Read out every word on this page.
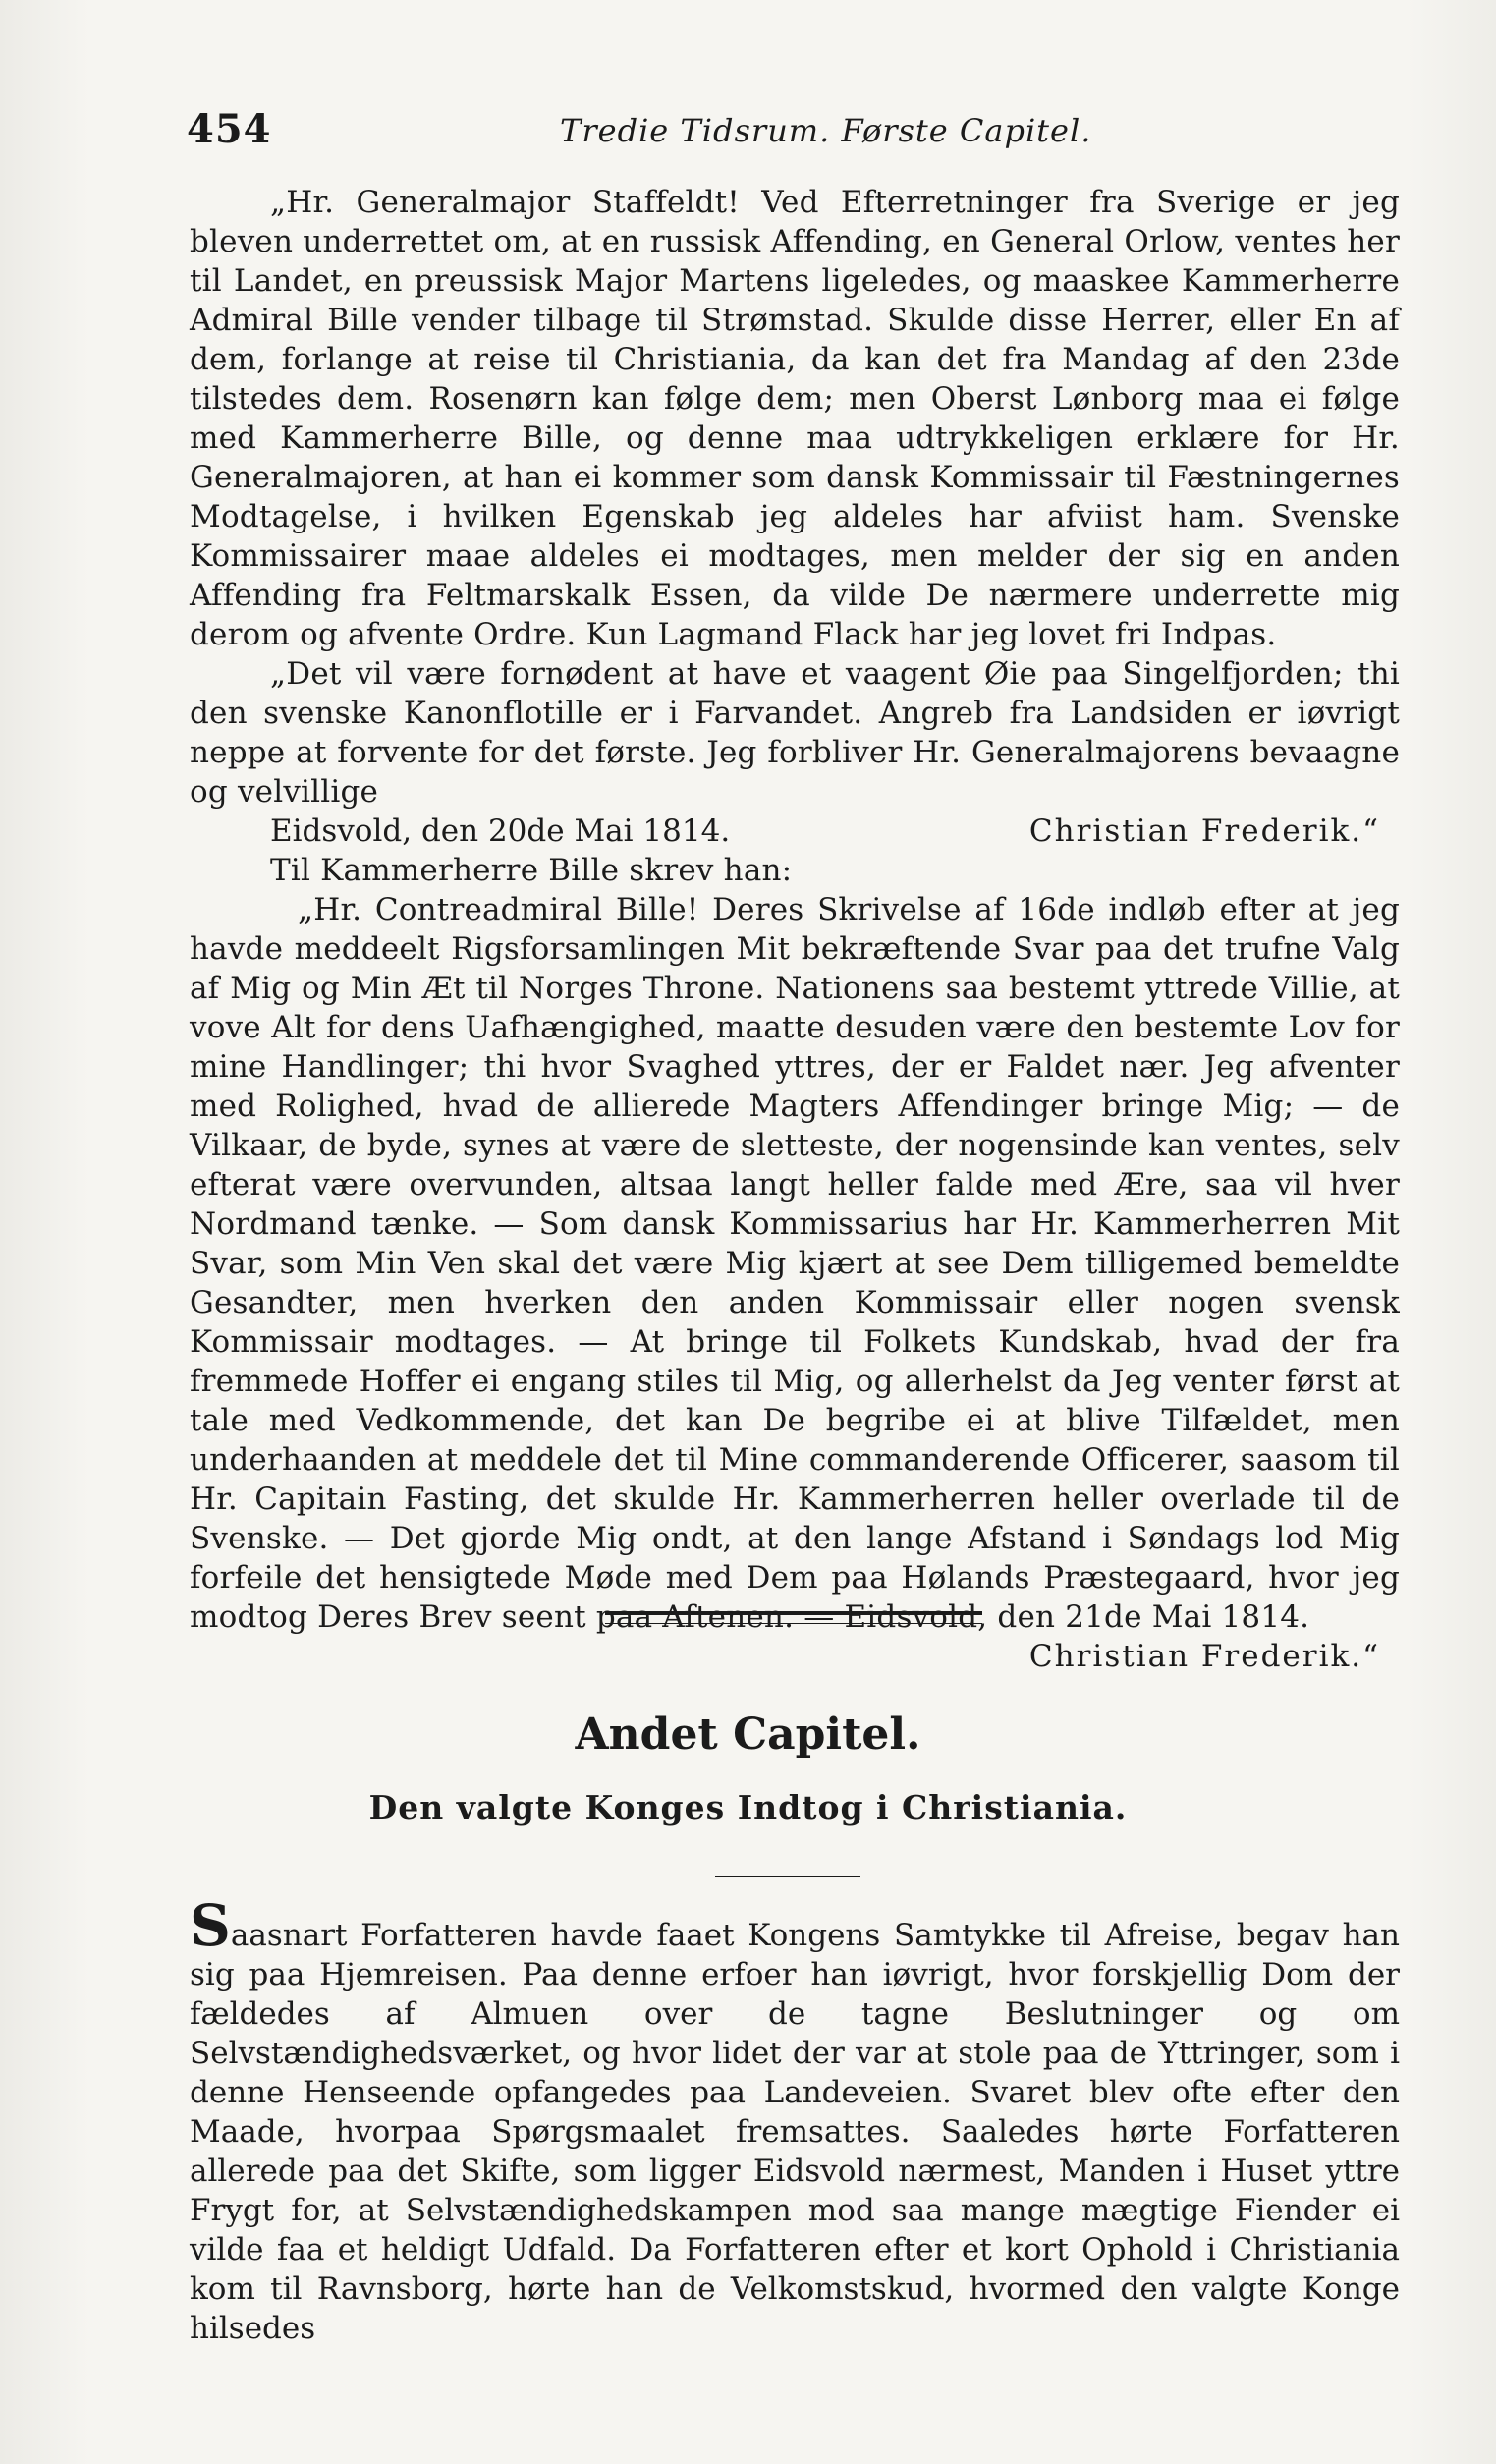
454	Tredie Tidsrum. Første Capitel.

„Hr. Generalmajor Staffeldt! Ved Efterretninger fra Sverige er jeg bleven underrettet om, at en russisk Affending, en General Orlow, ventes her til Landet, en preussisk Major Martens ligeledes, og maaskee Kammerherre Admiral Bille vender tilbage til Strømstad. Skulde disse Herrer, eller En af dem, forlange at reise til Christiania, da kan det fra Mandag af den 23de tilstedes dem. Rosenørn kan følge dem; men Oberst Lønborg maa ei følge med Kammerherre Bille, og denne maa udtrykkeligen erklære for Hr. Generalmajoren, at han ei kommer som dansk Kommissair til Fæstningernes Modtagelse, i hvilken Egenskab jeg aldeles har afviist ham. Svenske Kommissairer maae aldeles ei modtages, men melder der sig en anden Affending fra Feltmarskalk Essen, da vilde De nærmere underrette mig derom og afvente Ordre. Kun Lagmand Flack har jeg lovet fri Indpas.

„Det vil være fornødent at have et vaagent Øie paa Singelfjorden; thi den svenske Kanonflotille er i Farvandet. Angreb fra Landsiden er iøvrigt neppe at forvente for det første. Jeg forbliver Hr. Generalmajorens bevaagne og velvillige

Eidsvold, den 20de Mai 1814.	Christian Frederik.“

Til Kammerherre Bille skrev han:

„Hr. Contreadmiral Bille! Deres Skrivelse af 16de indløb efter at jeg havde meddeelt Rigsforsamlingen Mit bekræftende Svar paa det trufne Valg af Mig og Min Æt til Norges Throne. Nationens saa bestemt yttrede Villie, at vove Alt for dens Uafhængighed, maatte desuden være den bestemte Lov for mine Handlinger; thi hvor Svaghed yttres, der er Faldet nær. Jeg afventer med Rolighed, hvad de allierede Magters Affendinger bringe Mig; — de Vilkaar, de byde, synes at være de sletteste, der nogensinde kan ventes, selv efterat være overvunden, altsaa langt heller falde med Ære, saa vil hver Nordmand tænke. — Som dansk Kommissarius har Hr. Kammerherren Mit Svar, som Min Ven skal det være Mig kjært at see Dem tilligemed bemeldte Gesandter, men hverken den anden Kommissair eller nogen svensk Kommissair modtages. — At bringe til Folkets Kundskab, hvad der fra fremmede Hoffer ei engang stiles til Mig, og allerhelst da Jeg venter først at tale med Vedkommende, det kan De begribe ei at blive Tilfældet, men underhaanden at meddele det til Mine commanderende Officerer, saasom til Hr. Capitain Fasting, det skulde Hr. Kammerherren heller overlade til de Svenske. — Det gjorde Mig ondt, at den lange Afstand i Søndags lod Mig forfeile det hensigtede Møde med Dem paa Hølands Præstegaard, hvor jeg modtog Deres Brev seent paa Aftenen. — Eidsvold, den 21de Mai 1814.

Christian Frederik.“
Andet Capitel.
Den valgte Konges Indtog i Christiania.

Saasnart Forfatteren havde faaet Kongens Samtykke til Afreise, begav han sig paa Hjemreisen. Paa denne erfoer han iøvrigt, hvor forskjellig Dom der fældedes af Almuen over de tagne Beslutninger og om Selvstændighedsværket, og hvor lidet der var at stole paa de Yttringer, som i denne Henseende opfangedes paa Landeveien. Svaret blev ofte efter den Maade, hvorpaa Spørgsmaalet fremsattes. Saaledes hørte Forfatteren allerede paa det Skifte, som ligger Eidsvold nærmest, Manden i Huset yttre Frygt for, at Selvstændighedskampen mod saa mange mægtige Fiender ei vilde faa et heldigt Udfald. Da Forfatteren efter et kort Ophold i Christiania kom til Ravnsborg, hørte han de Velkomstskud, hvormed den valgte Konge hilsedes
